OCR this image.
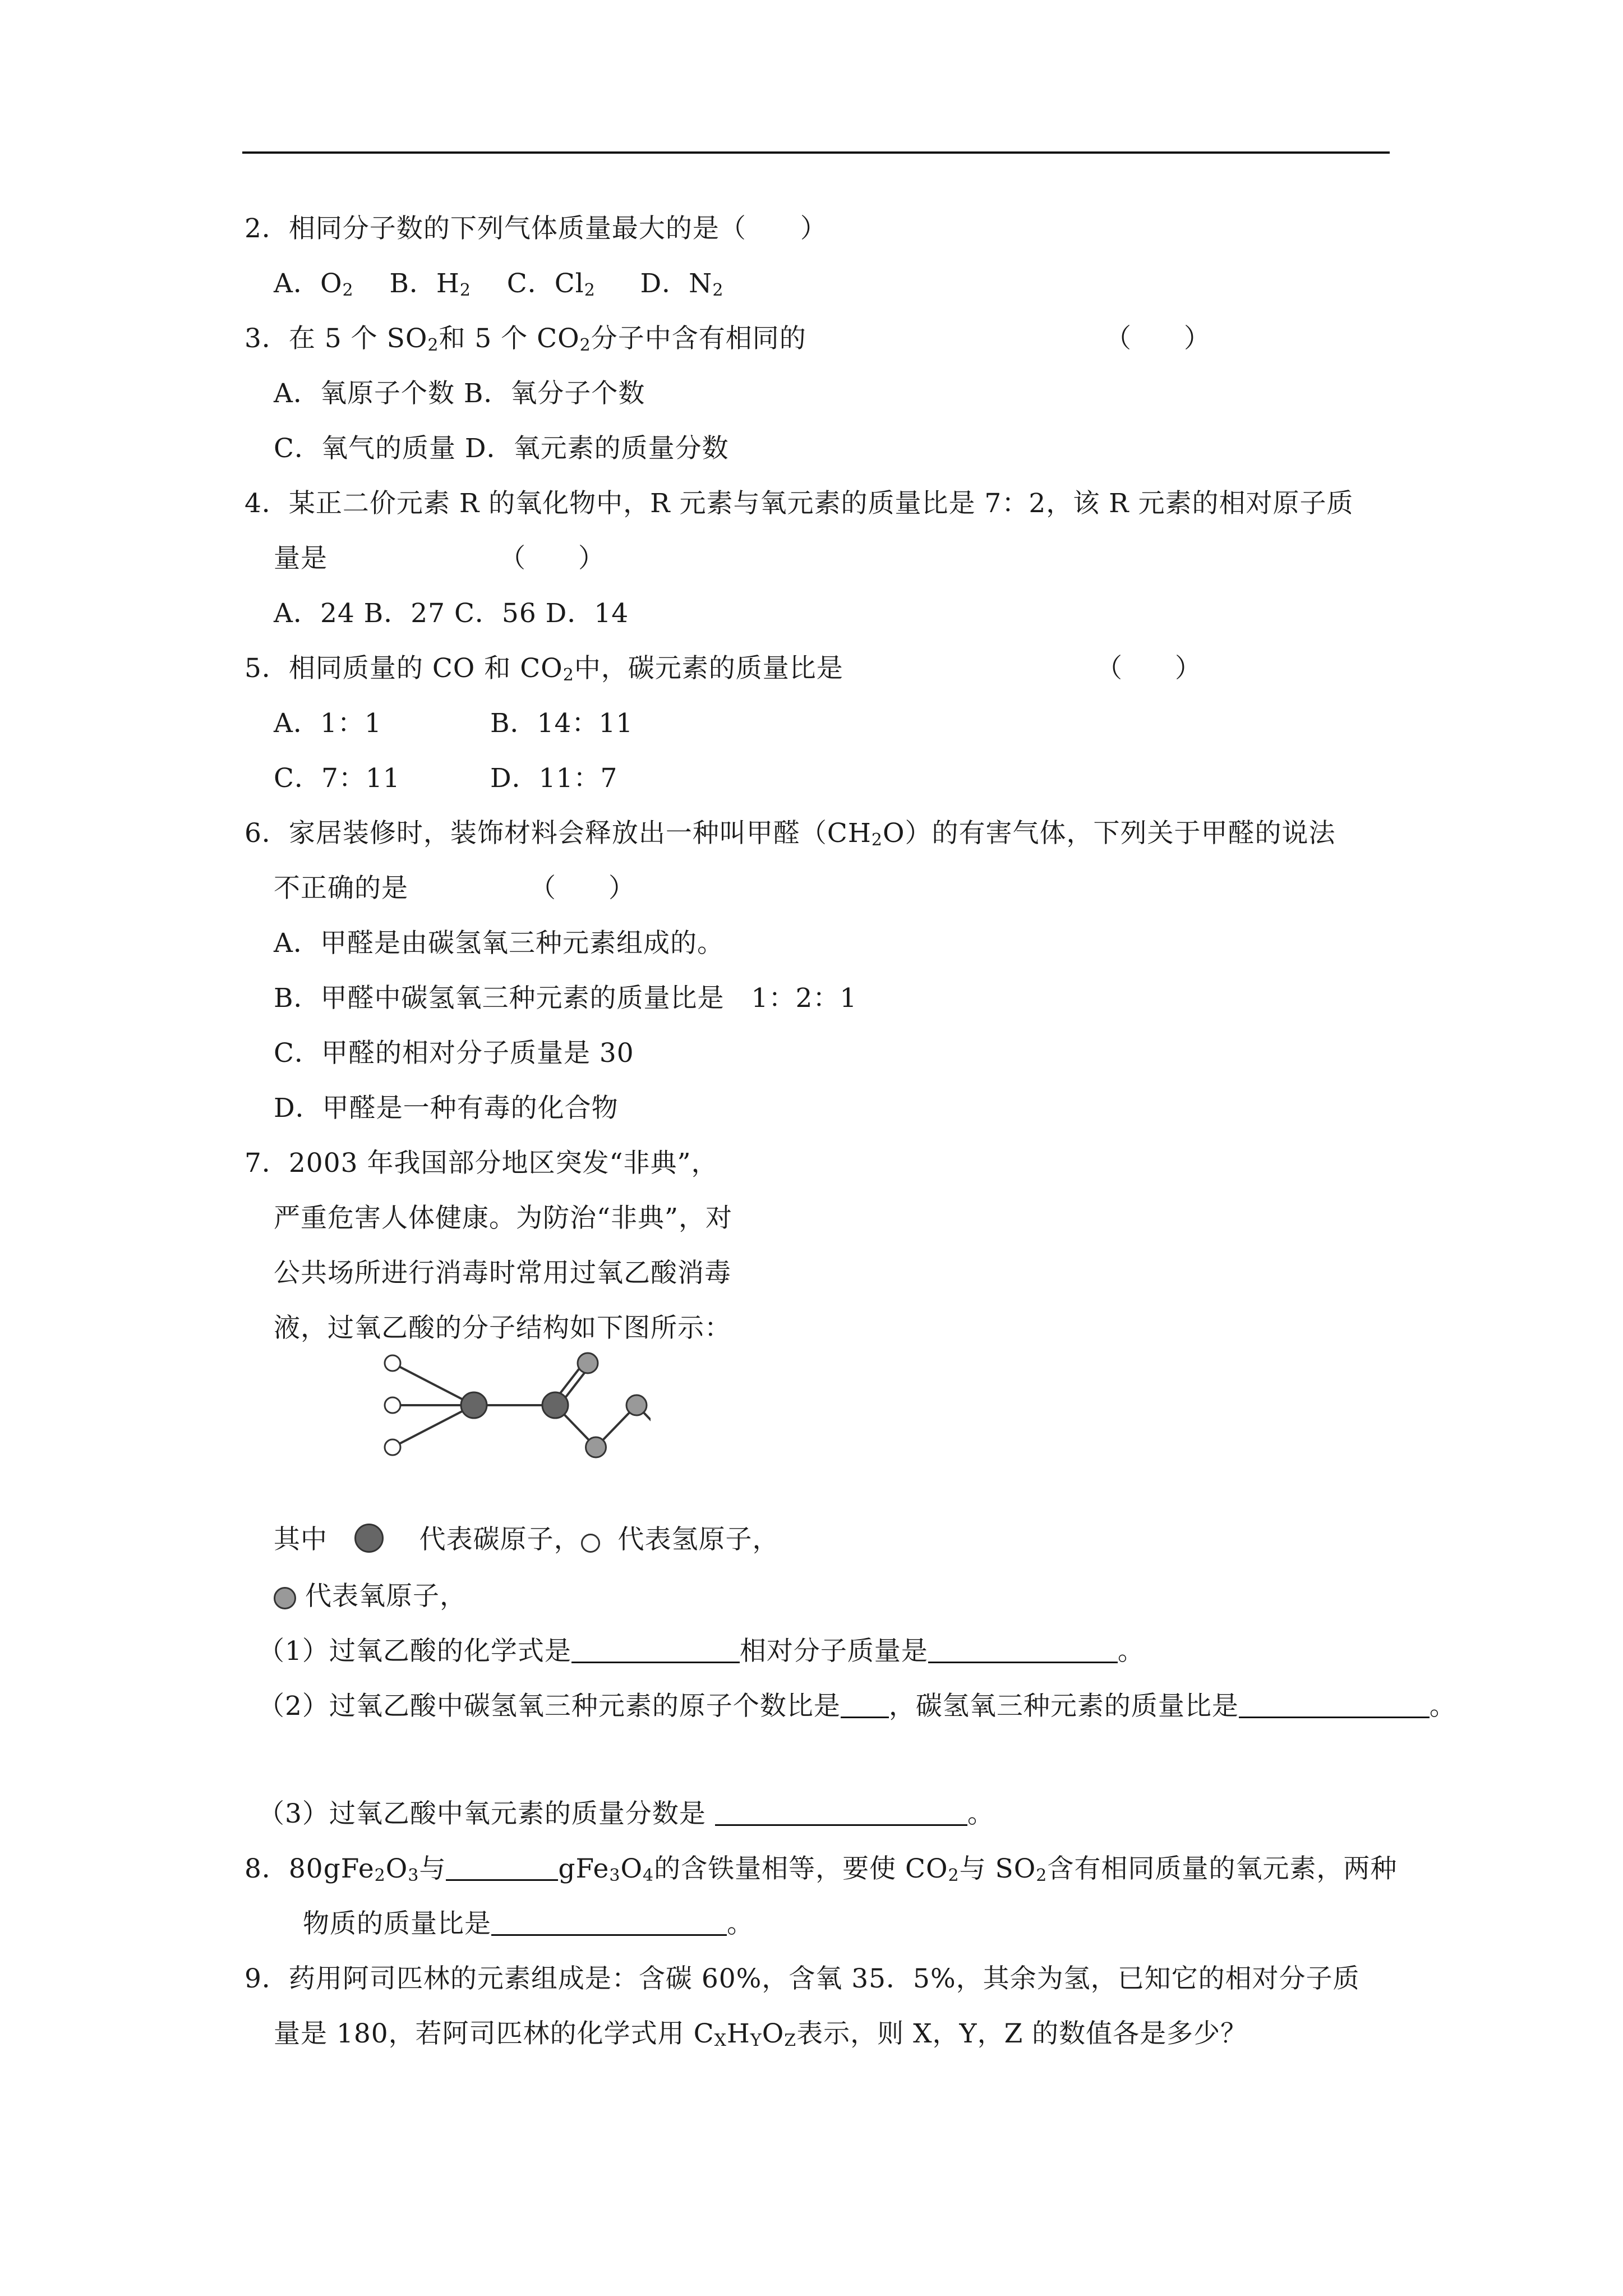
2．相同分子数的下列气体质量最大的是（　　）
A．$O_2$ B．$H_2$ C．$Cl_2$ D．$N_2$
3．在 5 个 $SO_2$和 5 个 $CO_2$分子中含有相同的	（　　）
A．氧原子个数 B．氧分子个数
C．氧气的质量 D．氧元素的质量分数
4．某正二价元素 R 的氧化物中，R 元素与氧元素的质量比是 7：2，该 R 元素的相对原子质
量是	（　　）
A．24 B．27 C．56 D．14
5．相同质量的 CO 和 $CO_2$中，碳元素的质量比是	（　　）
A．1：1	B．14：11
C．7：11	D．11：7
6．家居装修时，装饰材料会释放出一种叫甲醛$(CH_2O)$的有害气体，下列关于甲醛的说法
不正确的是	（　　）
A．甲醛是由碳氢氧三种元素组成的。
B．甲醛中碳氢氧三种元素的质量比是　1：2：1
C．甲醛的相对分子质量是 30
D．甲醛是一种有毒的化合物
7．2003 年我国部分地区突发“非典”，
严重危害人体健康。为防治“非典”，对
公共场所进行消毒时常用过氧乙酸消毒
液，过氧乙酸的分子结构如下图所示：
其中	代表碳原子， 代表氢原子，
代表氧原子，
（1）过氧乙酸的化学式是	相对分子质量是	。
（2）过氧乙酸中碳氢氧三种元素的原子个数比是 ，碳氢氧三种元素的质量比是	。
（3）过氧乙酸中氧元素的质量分数是	。
8．$80gFe_2O_3$与	$gFe_3O_4$的含铁量相等，要使 $CO_2$与 $SO_2$含有相同质量的氧元素，两种
物质的质量比是	。
9．药用阿司匹林的元素组成是：含碳 60%，含氧 35．5%，其余为氢，已知它的相对分子质
量是 180，若阿司匹林的化学式用 $C_XH_YO_Z$表示，则 X，Y，Z 的数值各是多少？
